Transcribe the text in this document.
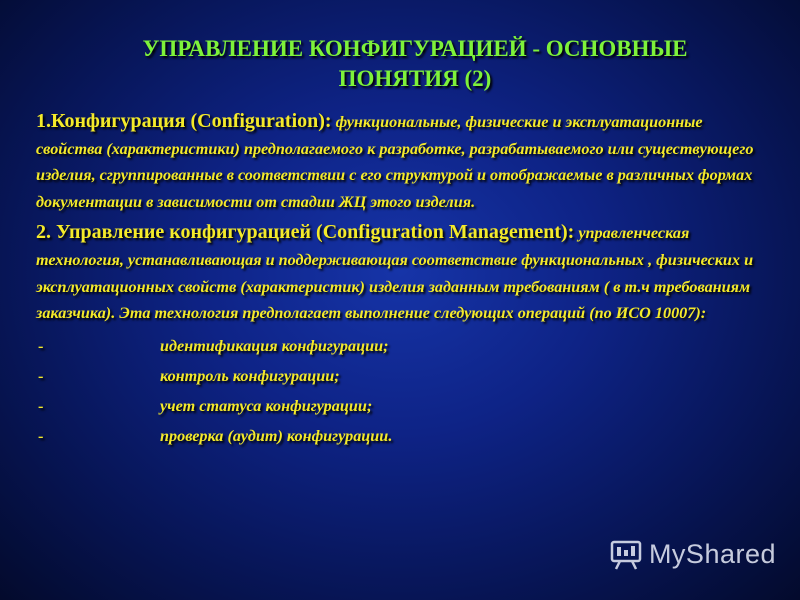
УПРАВЛЕНИЕ КОНФИГУРАЦИЕЙ - ОСНОВНЫЕ
ПОНЯТИЯ (2)

1.Конфигурация (Configuration): функциональные, физические и эксплуатационные свойства (характеристики) предполагаемого к разработке, разрабатываемого или существующего изделия, сгруппированные в соответствии с его структурой и отображаемые в различных формах документации в зависимости от стадии ЖЦ этого изделия.

2. Управление конфигурацией (Configuration Management): управленческая технология, устанавливающая и поддерживающая соответствие функциональных , физических и эксплуатационных свойств (характеристик) изделия заданным требованиям ( в т.ч требованиям заказчика). Эта технология предполагает выполнение следующих операций (по ИСО 10007):

-	идентификация конфигурации;
-	контроль конфигурации;
-	учет статуса конфигурации;
-	проверка (аудит) конфигурации.
MyShared
